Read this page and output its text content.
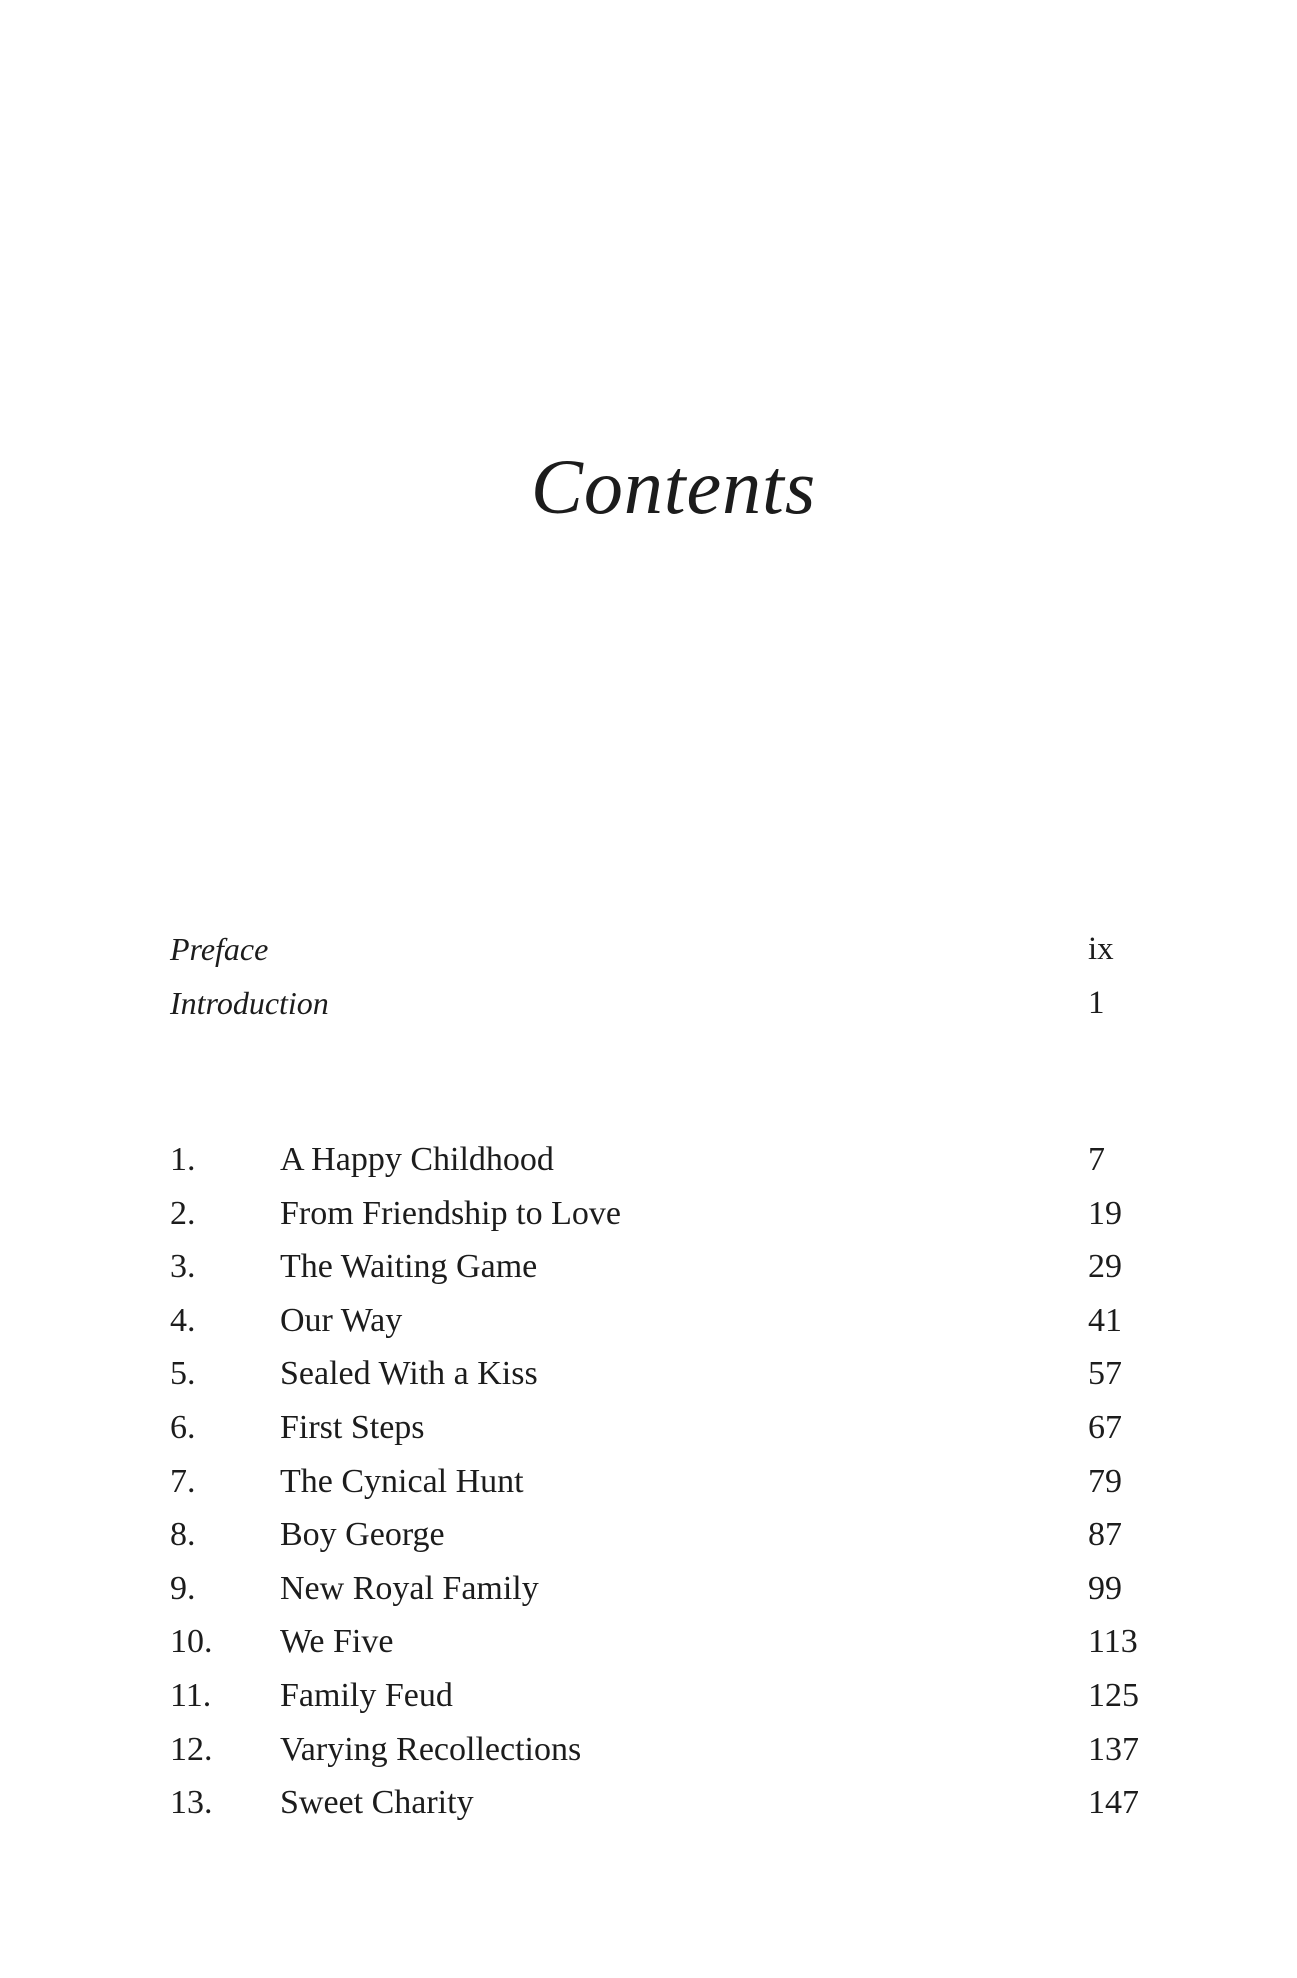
Contents
Preface	ix
Introduction	1
1. A Happy Childhood	7
2. From Friendship to Love	19
3. The Waiting Game	29
4. Our Way	41
5. Sealed With a Kiss	57
6. First Steps	67
7. The Cynical Hunt	79
8. Boy George	87
9. New Royal Family	99
10. We Five	113
11. Family Feud	125
12. Varying Recollections	137
13. Sweet Charity	147
